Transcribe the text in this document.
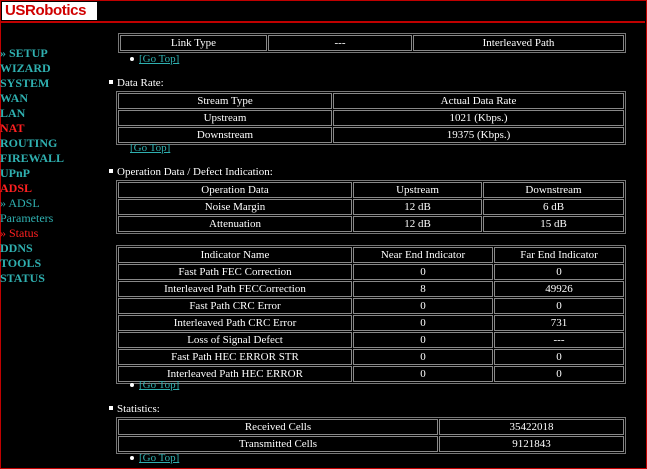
USRobotics
» SETUP
WIZARD
SYSTEM
WAN
LAN
NAT
ROUTING
FIREWALL
UPnP
ADSL
» ADSL
Parameters
» Status
DDNS
TOOLS
STATUS
Link Type	---	Interleaved Path
[Go Top]
Data Rate:
Stream Type	Actual Data Rate
Upstream	1021 (Kbps.)
Downstream	19375 (Kbps.)
[Go Top]
Operation Data / Defect Indication:
Operation Data	Upstream	Downstream
Noise Margin	12 dB	6 dB
Attenuation	12 dB	15 dB
Indicator Name	Near End Indicator	Far End Indicator
Fast Path FEC Correction	0	0
Interleaved Path FECCorrection	8	49926
Fast Path CRC Error	0	0
Interleaved Path CRC Error	0	731
Loss of Signal Defect	0	---
Fast Path HEC ERROR STR	0	0
Interleaved Path HEC ERROR	0	0
[Go Top]
Statistics:
Received Cells	35422018
Transmitted Cells	9121843
[Go Top]
